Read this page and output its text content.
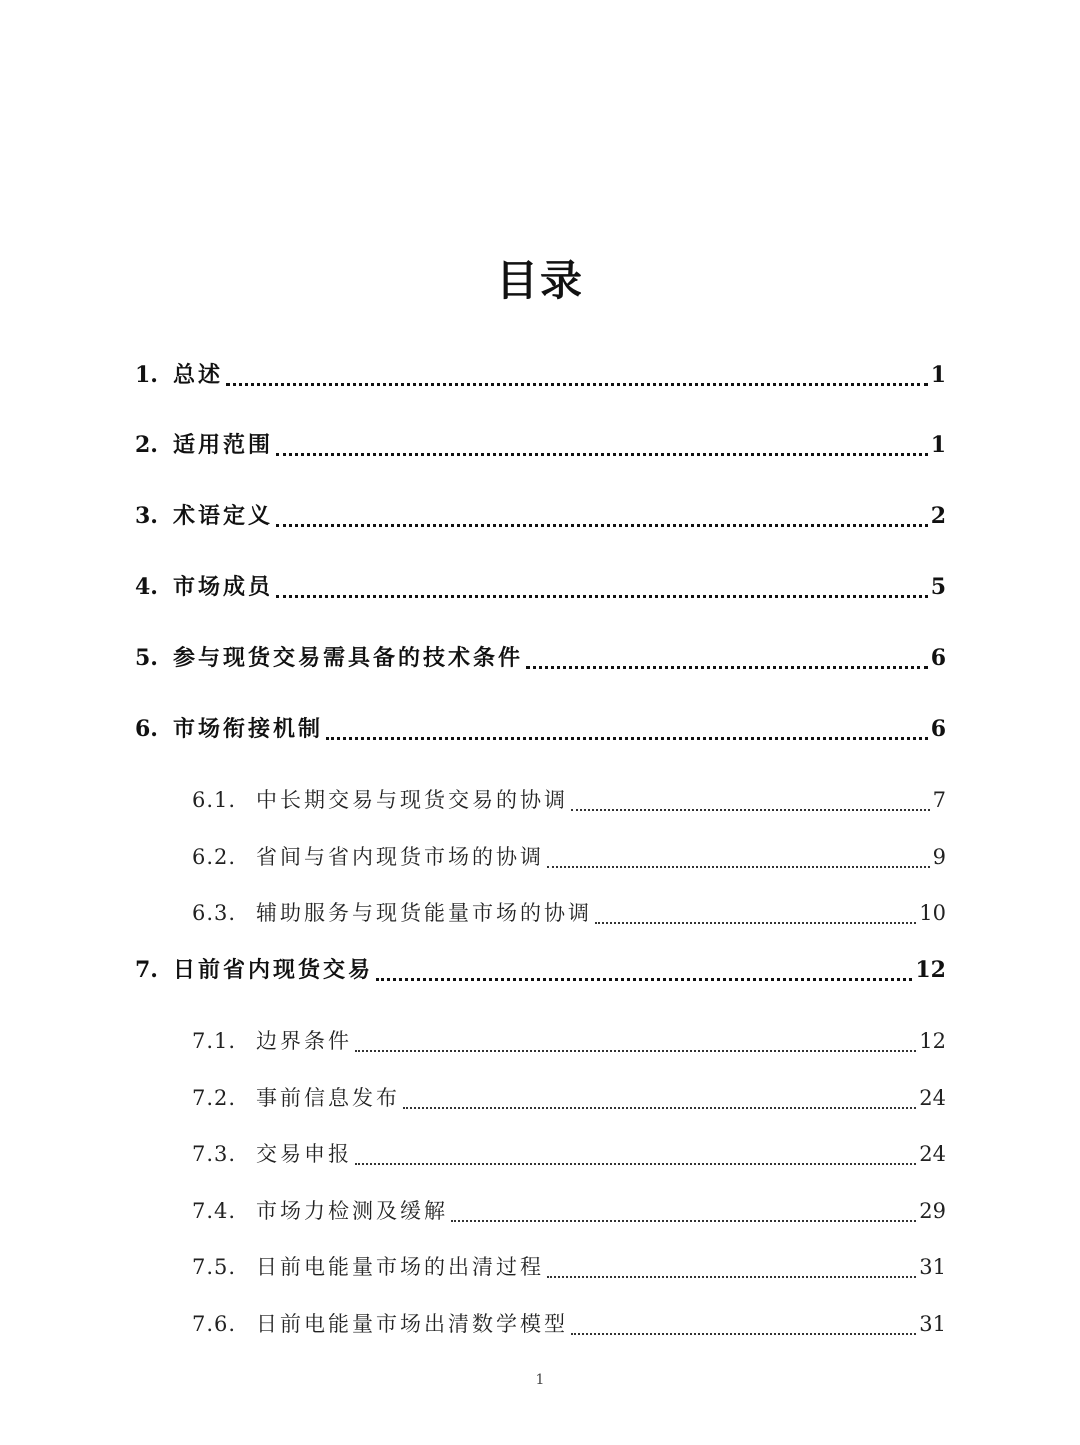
目录
1. 总述	1
2. 适用范围	1
3. 术语定义	2
4. 市场成员	5
5. 参与现货交易需具备的技术条件	6
6. 市场衔接机制	6
6.1. 中长期交易与现货交易的协调	7
6.2. 省间与省内现货市场的协调	9
6.3. 辅助服务与现货能量市场的协调	10
7. 日前省内现货交易	12
7.1. 边界条件	12
7.2. 事前信息发布	24
7.3. 交易申报	24
7.4. 市场力检测及缓解	29
7.5. 日前电能量市场的出清过程	31
7.6. 日前电能量市场出清数学模型	31
1
